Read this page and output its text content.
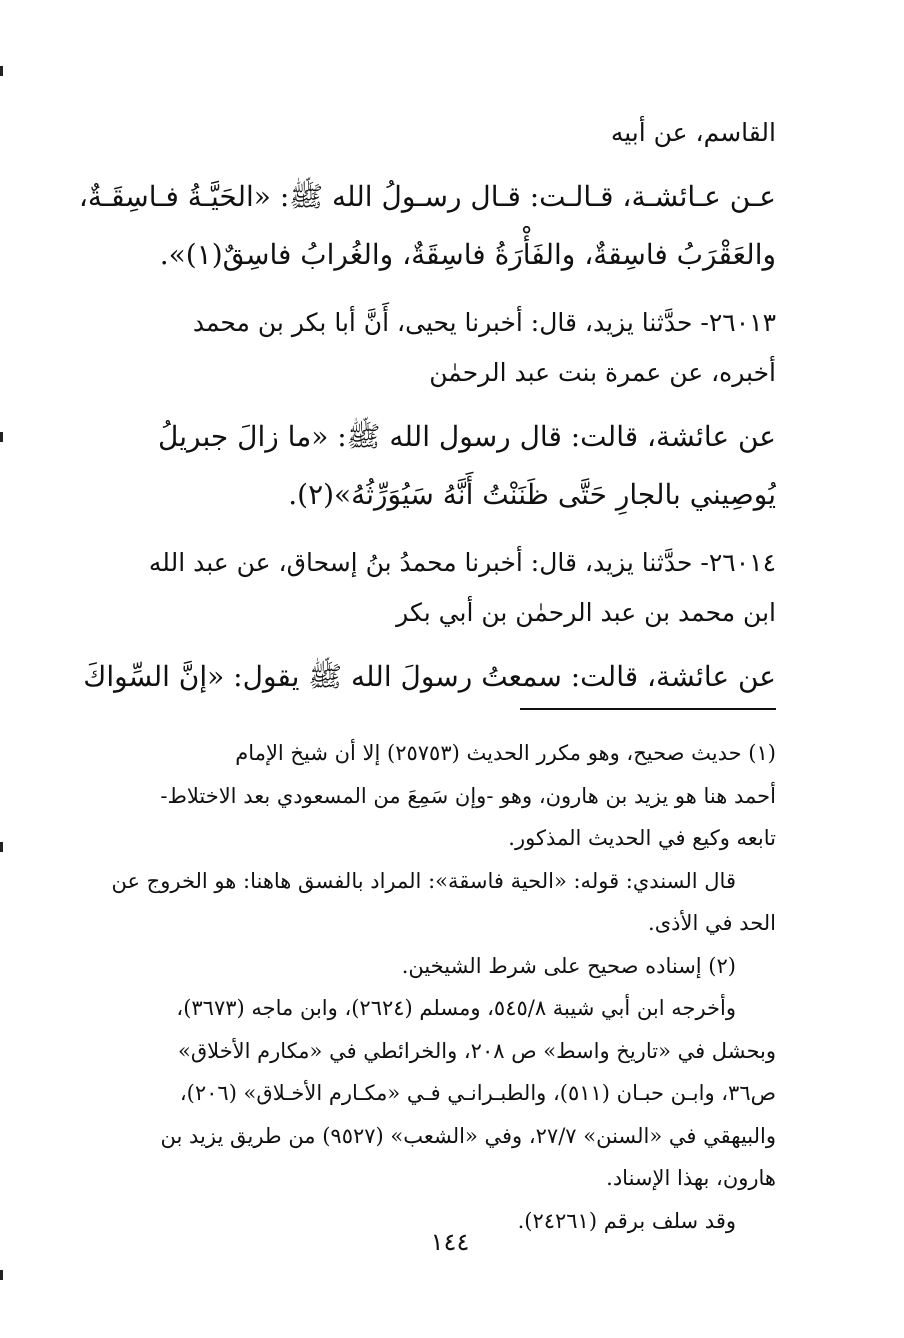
القاسم، عن أبيه
عـن عـائشـة، قـالـت: قـال رسـولُ الله ﷺ: «الحَيَّـةُ فـاسِقَـةٌ،
والعَقْرَبُ فاسِقةٌ، والفَأْرَةُ فاسِقَةٌ، والغُرابُ فاسِقٌ(١)».
٢٦٠١٣- حدَّثنا يزيد، قال: أخبرنا يحيى، أَنَّ أبا بكر بن محمد
أخبره، عن عمرة بنت عبد الرحمٰن
عن عائشة، قالت: قال رسول الله ﷺ: «ما زالَ جبريلُ
يُوصِيني بالجارِ حَتَّى ظَنَنْتُ أَنَّهُ سَيُوَرِّثُهُ»(٢).
٢٦٠١٤- حدَّثنا يزيد، قال: أخبرنا محمدُ بنُ إسحاق، عن عبد الله
ابن محمد بن عبد الرحمٰن بن أبي بكر
عن عائشة، قالت: سمعتُ رسولَ الله ﷺ يقول: «إنَّ السِّواكَ
(١) حديث صحيح، وهو مكرر الحديث (٢٥٧٥٣) إلا أن شيخ الإمام
أحمد هنا هو يزيد بن هارون، وهو -وإن سَمِعَ من المسعودي بعد الاختلاط-
تابعه وكيع في الحديث المذكور.
قال السندي: قوله: «الحية فاسقة»: المراد بالفسق هاهنا: هو الخروج عن
الحد في الأذى.
(٢) إسناده صحيح على شرط الشيخين.
وأخرجه ابن أبي شيبة ٥٤٥/٨، ومسلم (٢٦٢٤)، وابن ماجه (٣٦٧٣)،
وبحشل في «تاريخ واسط» ص ٢٠٨، والخرائطي في «مكارم الأخلاق»
ص٣٦، وابـن حبـان (٥١١)، والطبـرانـي فـي «مكـارم الأخـلاق» (٢٠٦)،
والبيهقي في «السنن» ٢٧/٧، وفي «الشعب» (٩٥٢٧) من طريق يزيد بن
هارون، بهذا الإسناد.
وقد سلف برقم (٢٤٢٦١).
١٤٤
